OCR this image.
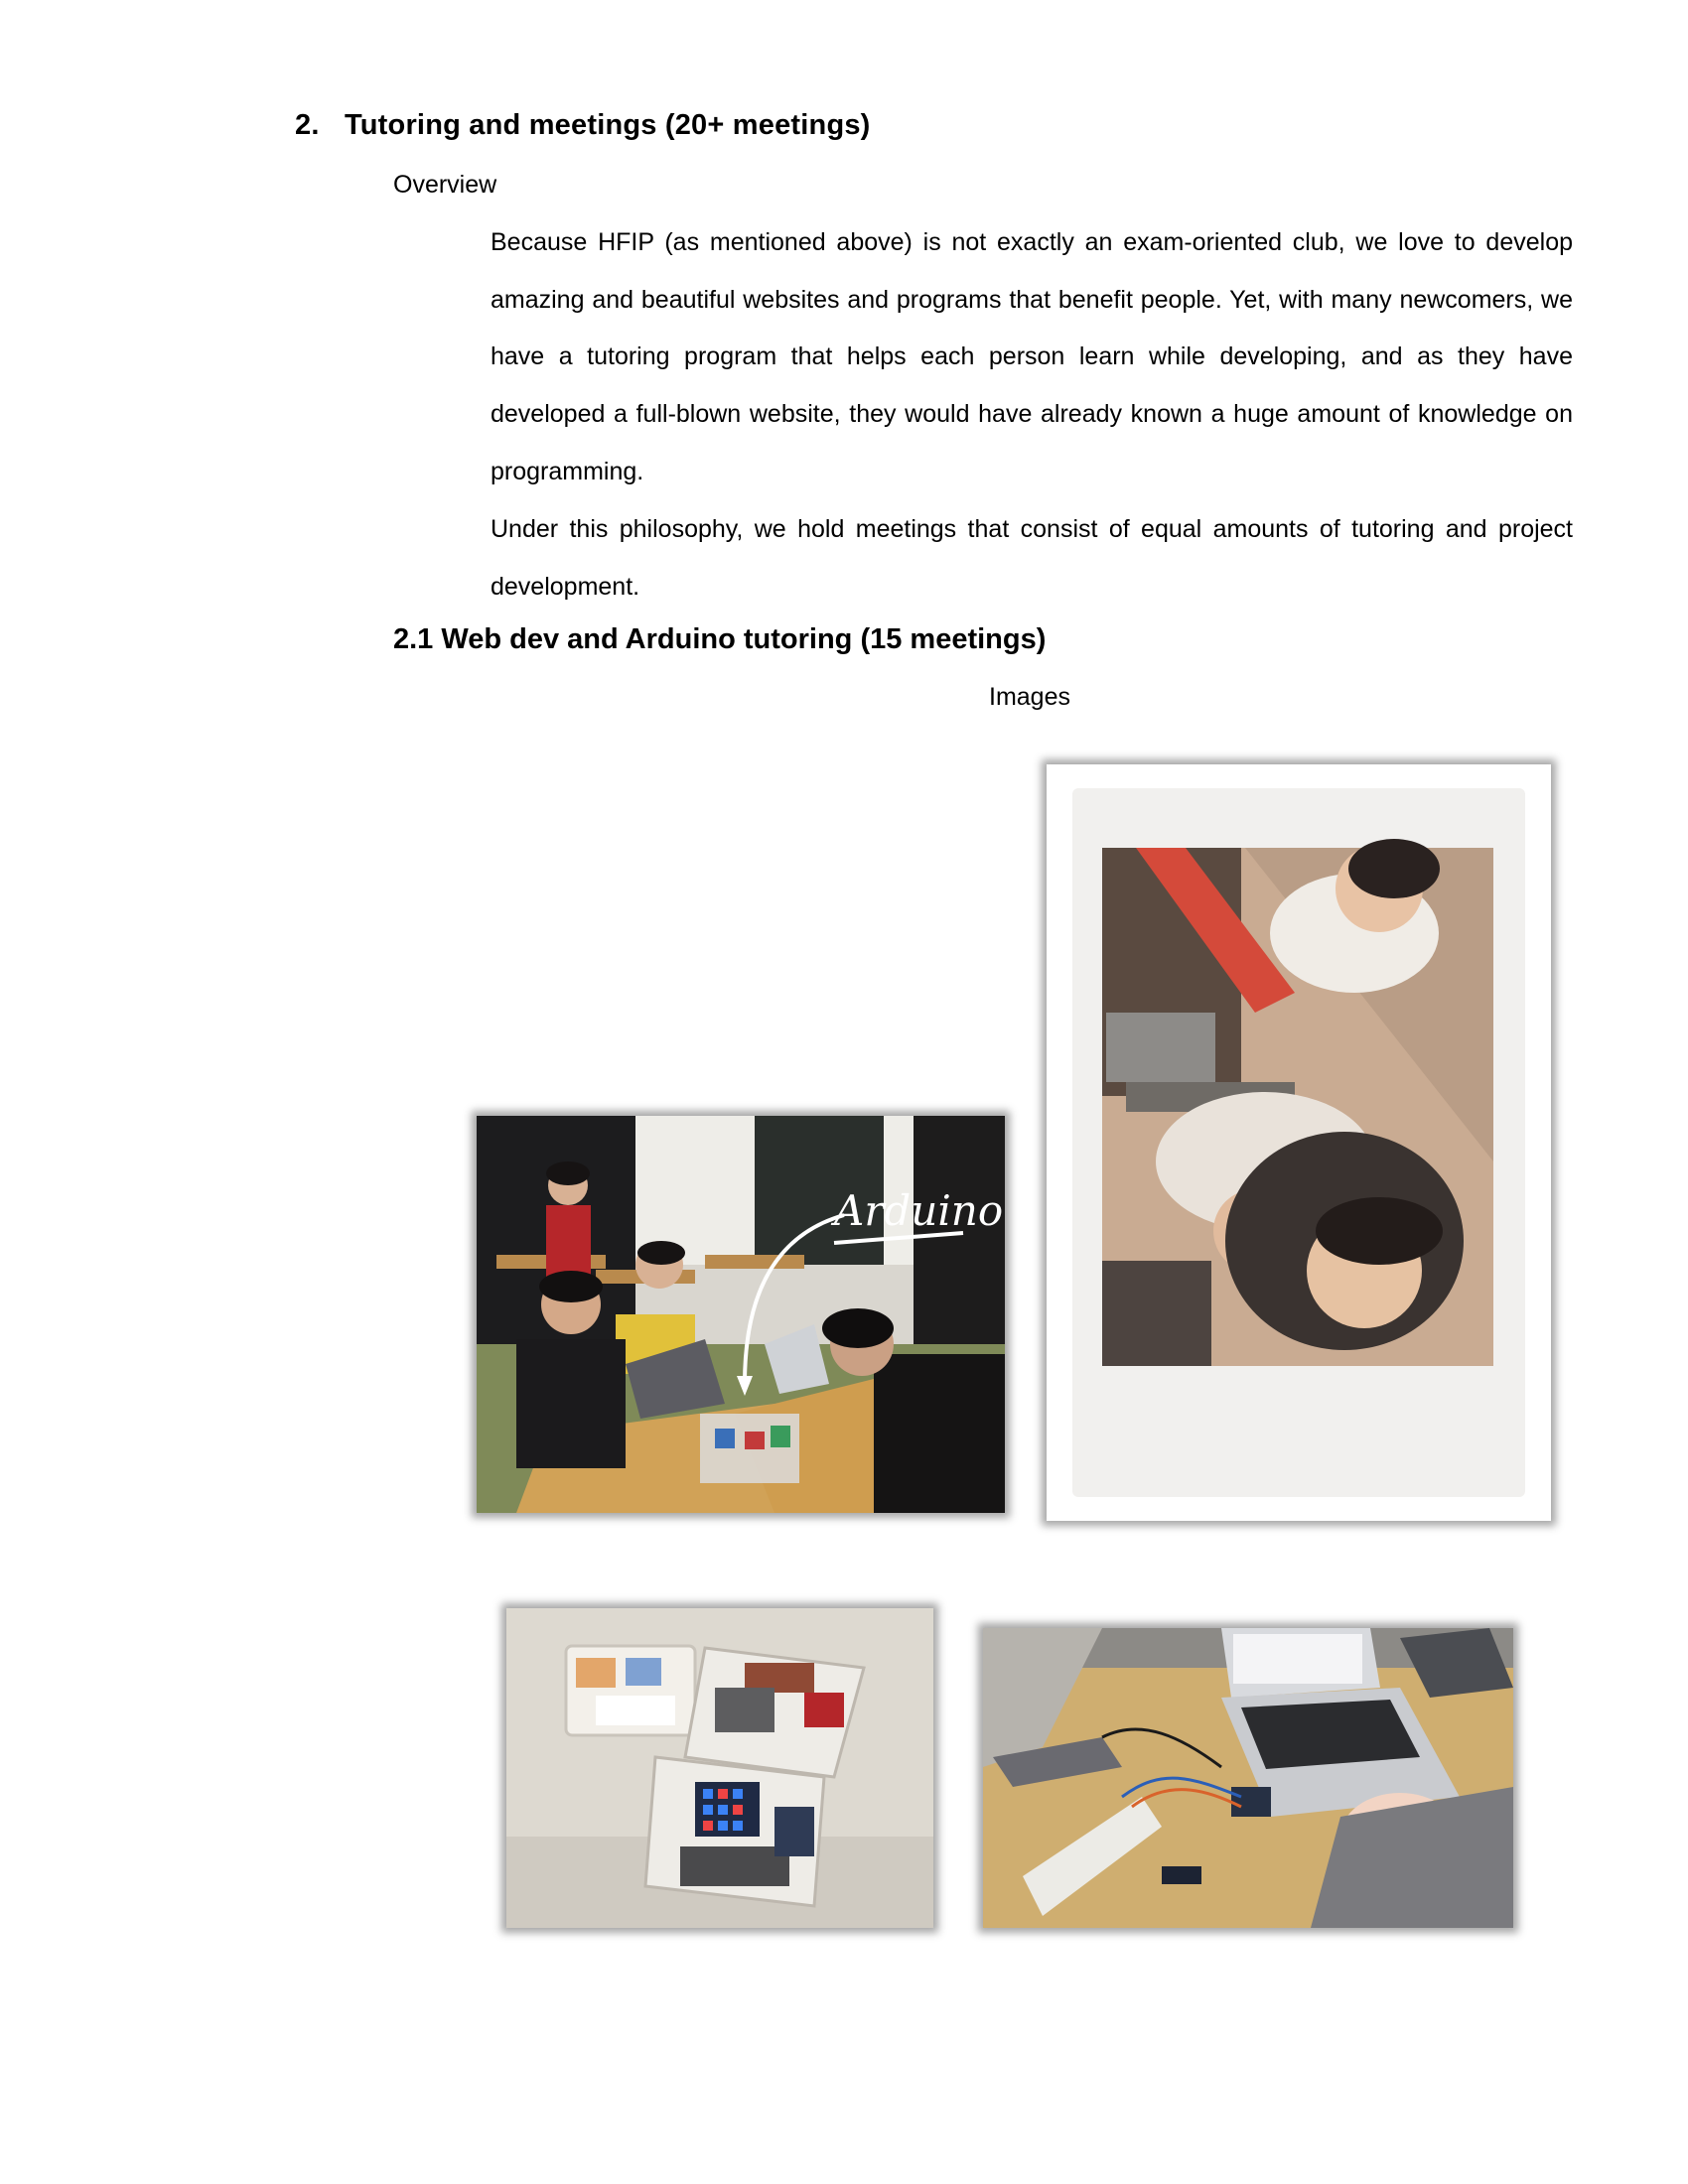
2. Tutoring and meetings (20+ meetings)
Overview
Because HFIP (as mentioned above) is not exactly an exam-oriented club, we love to develop amazing and beautiful websites and programs that benefit people. Yet, with many newcomers, we have a tutoring program that helps each person learn while developing, and as they have developed a full-blown website, they would have already known a huge amount of knowledge on programming.
Under this philosophy, we hold meetings that consist of equal amounts of tutoring and project development.
2.1 Web dev and Arduino tutoring (15 meetings)
Images
Arduino
